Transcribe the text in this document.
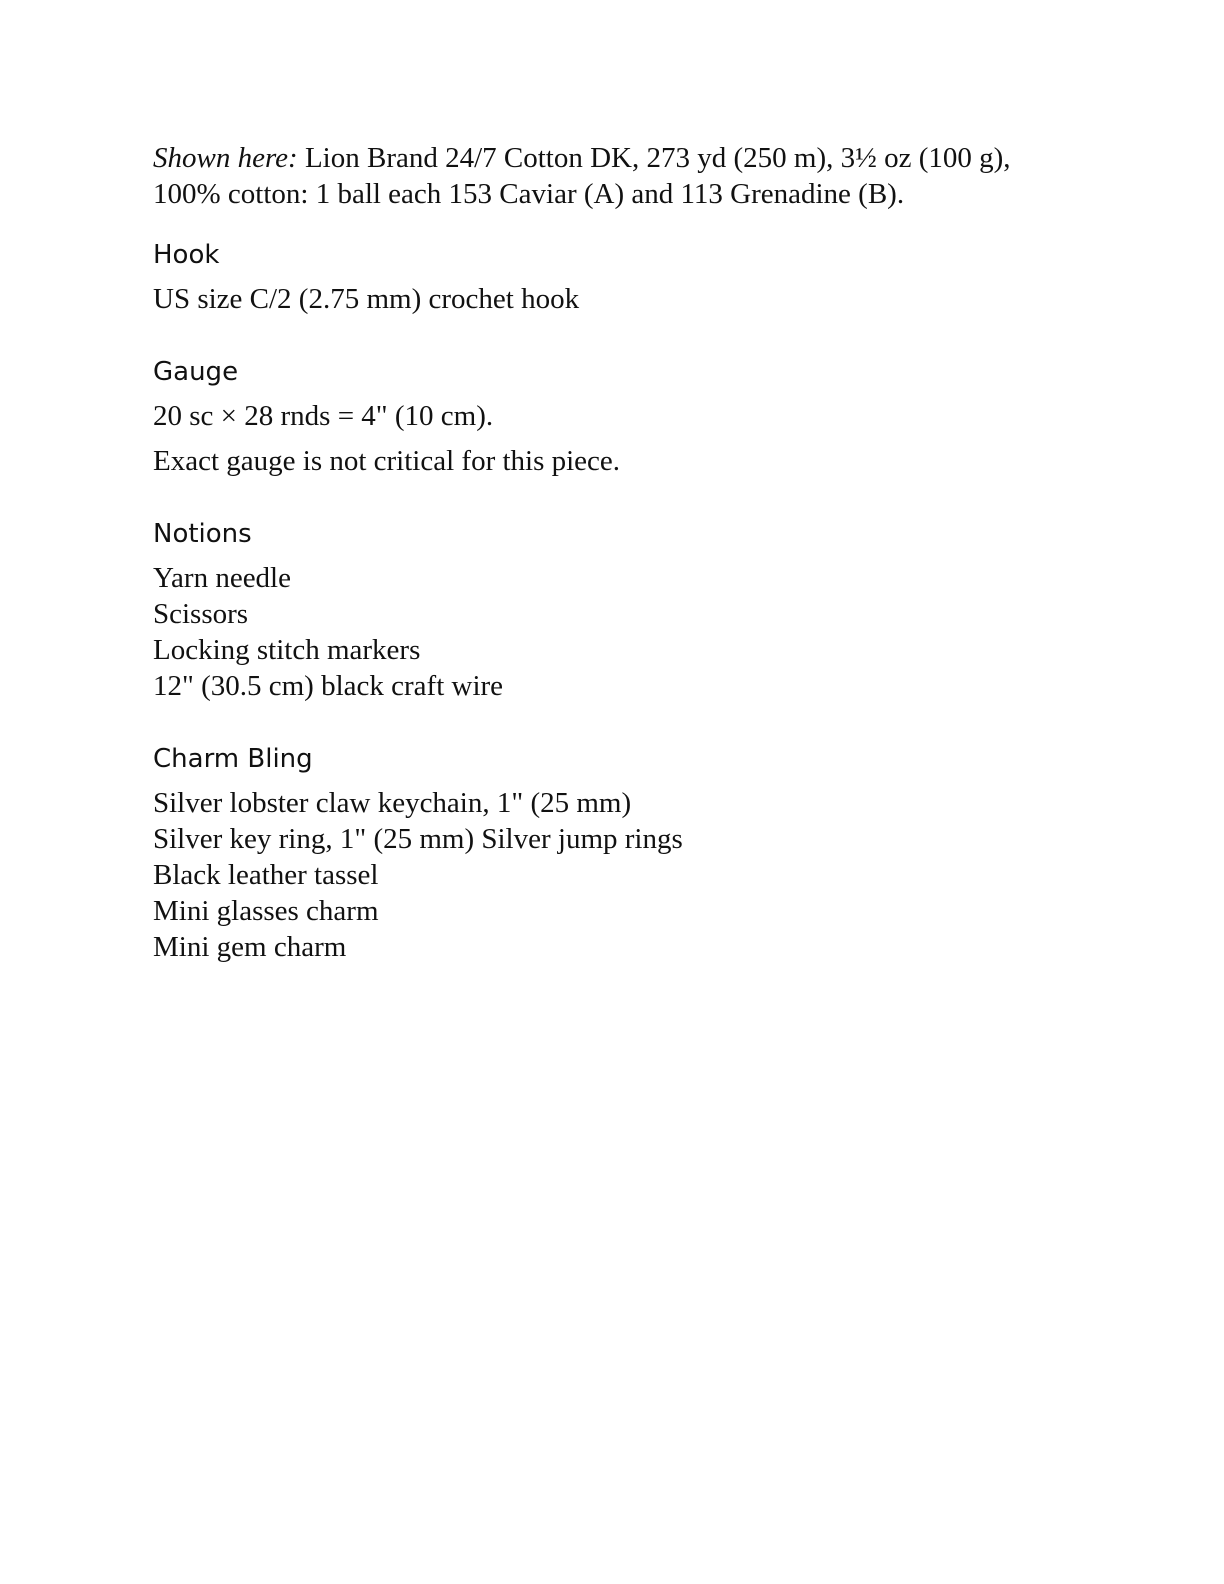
Shown here: Lion Brand 24/7 Cotton DK, 273 yd (250 m), 3½ oz (100 g), 100% cotton: 1 ball each 153 Caviar (A) and 113 Grenadine (B).

Hook
US size C/2 (2.75 mm) crochet hook
Gauge
20 sc × 28 rnds = 4" (10 cm).
Exact gauge is not critical for this piece.
Notions
Yarn needle
Scissors
Locking stitch markers
12" (30.5 cm) black craft wire
Charm Bling
Silver lobster claw keychain, 1" (25 mm)
Silver key ring, 1" (25 mm) Silver jump rings
Black leather tassel
Mini glasses charm
Mini gem charm
